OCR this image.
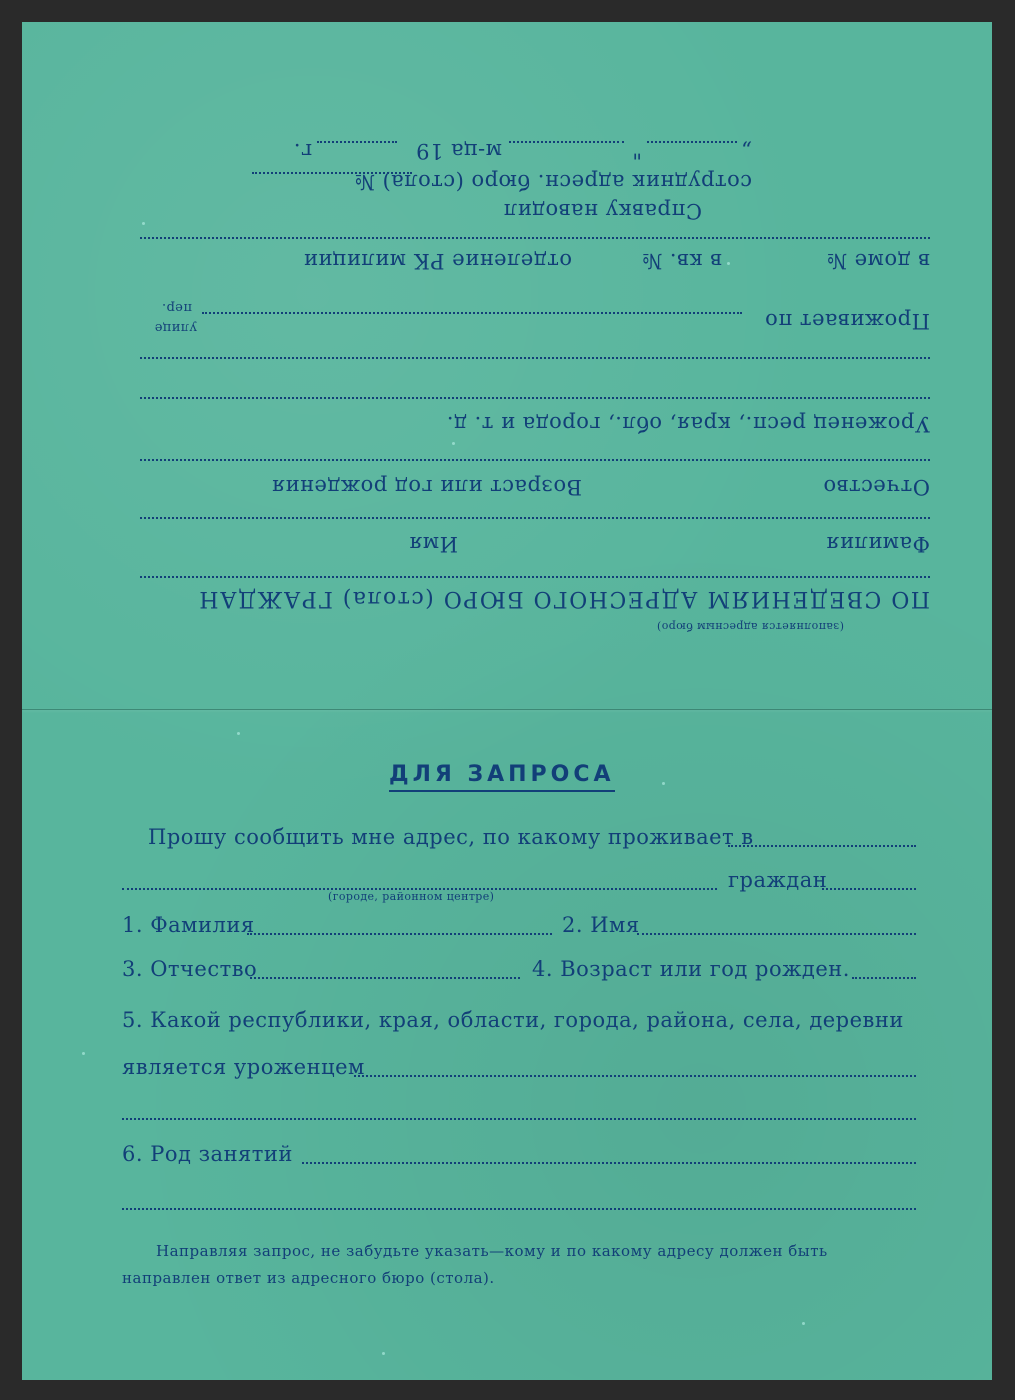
(заполняется адресным бюро)
ПО СВЕДЕНИЯМ АДРЕСНОГО БЮРО (стола) ГРАЖДАН
Фамилия
Имя
Отчество
Возраст или год рождения
Уроженец респ., края, обл., города и т. д.
Проживает по
улице
пер.
в доме №
в кв. №
отделение РК милиции
Справку наводил
сотрудник адресн. бюро (стола) №
„
"
м-ца 19
г.
ДЛЯ ЗАПРОСА
Прошу сообщить мне адрес, по какому проживает в
граждан
(городе, районном центре)
1. Фамилия	2. Имя
3. Отчество	4. Возраст или год рожден.
5. Какой республики, края, области, города, района, села, деревни
является уроженцем
6. Род занятий
Направляя запрос, не забудьте указать—кому и по какому адресу должен быть
направлен ответ из адресного бюро (стола).
